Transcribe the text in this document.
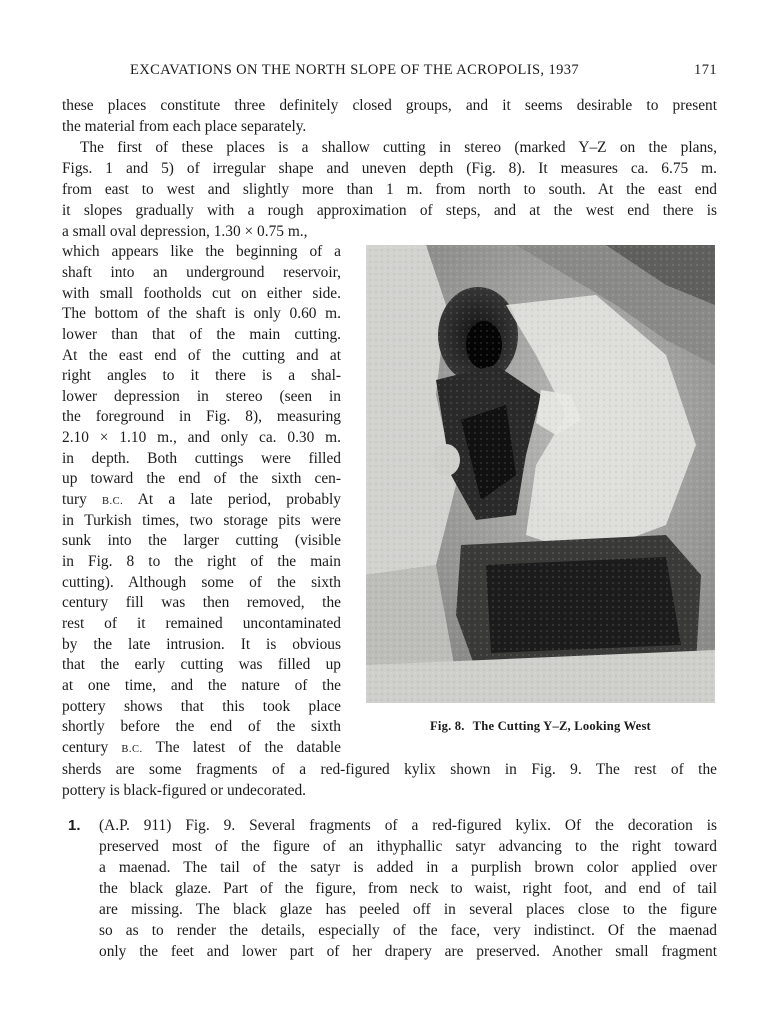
EXCAVATIONS ON THE NORTH SLOPE OF THE ACROPOLIS, 1937	171
these places constitute three definitely closed groups, and it seems desirable to present
the material from each place separately.
The first of these places is a shallow cutting in stereo (marked Y–Z on the plans,
Figs. 1 and 5) of irregular shape and uneven depth (Fig. 8). It measures ca. 6.75 m.
from east to west and slightly more than 1 m. from north to south. At the east end
it slopes gradually with a rough approximation of steps, and at the west end there is
a small oval depression, 1.30 × 0.75 m.,
which appears like the beginning of a
shaft into an underground reservoir,
with small footholds cut on either side.
The bottom of the shaft is only 0.60 m.
lower than that of the main cutting.
At the east end of the cutting and at
right angles to it there is a shal-
lower depression in stereo (seen in
the foreground in Fig. 8), measuring
2.10 × 1.10 m., and only ca. 0.30 m.
in depth. Both cuttings were filled
up toward the end of the sixth cen-
tury B.C. At a late period, probably
in Turkish times, two storage pits were
sunk into the larger cutting (visible
in Fig. 8 to the right of the main
cutting). Although some of the sixth
century fill was then removed, the
rest of it remained uncontaminated
by the late intrusion. It is obvious
that the early cutting was filled up
at one time, and the nature of the
pottery shows that this took place
shortly before the end of the sixth
century B.C. The latest of the datable
sherds are some fragments of a red-figured kylix shown in Fig. 9. The rest of the
pottery is black-figured or undecorated.
Fig. 8. The Cutting Y–Z, Looking West
1. (A.P. 911) Fig. 9. Several fragments of a red-figured kylix. Of the decoration is
preserved most of the figure of an ithyphallic satyr advancing to the right toward
a maenad. The tail of the satyr is added in a purplish brown color applied over
the black glaze. Part of the figure, from neck to waist, right foot, and end of tail
are missing. The black glaze has peeled off in several places close to the figure
so as to render the details, especially of the face, very indistinct. Of the maenad
only the feet and lower part of her drapery are preserved. Another small fragment
